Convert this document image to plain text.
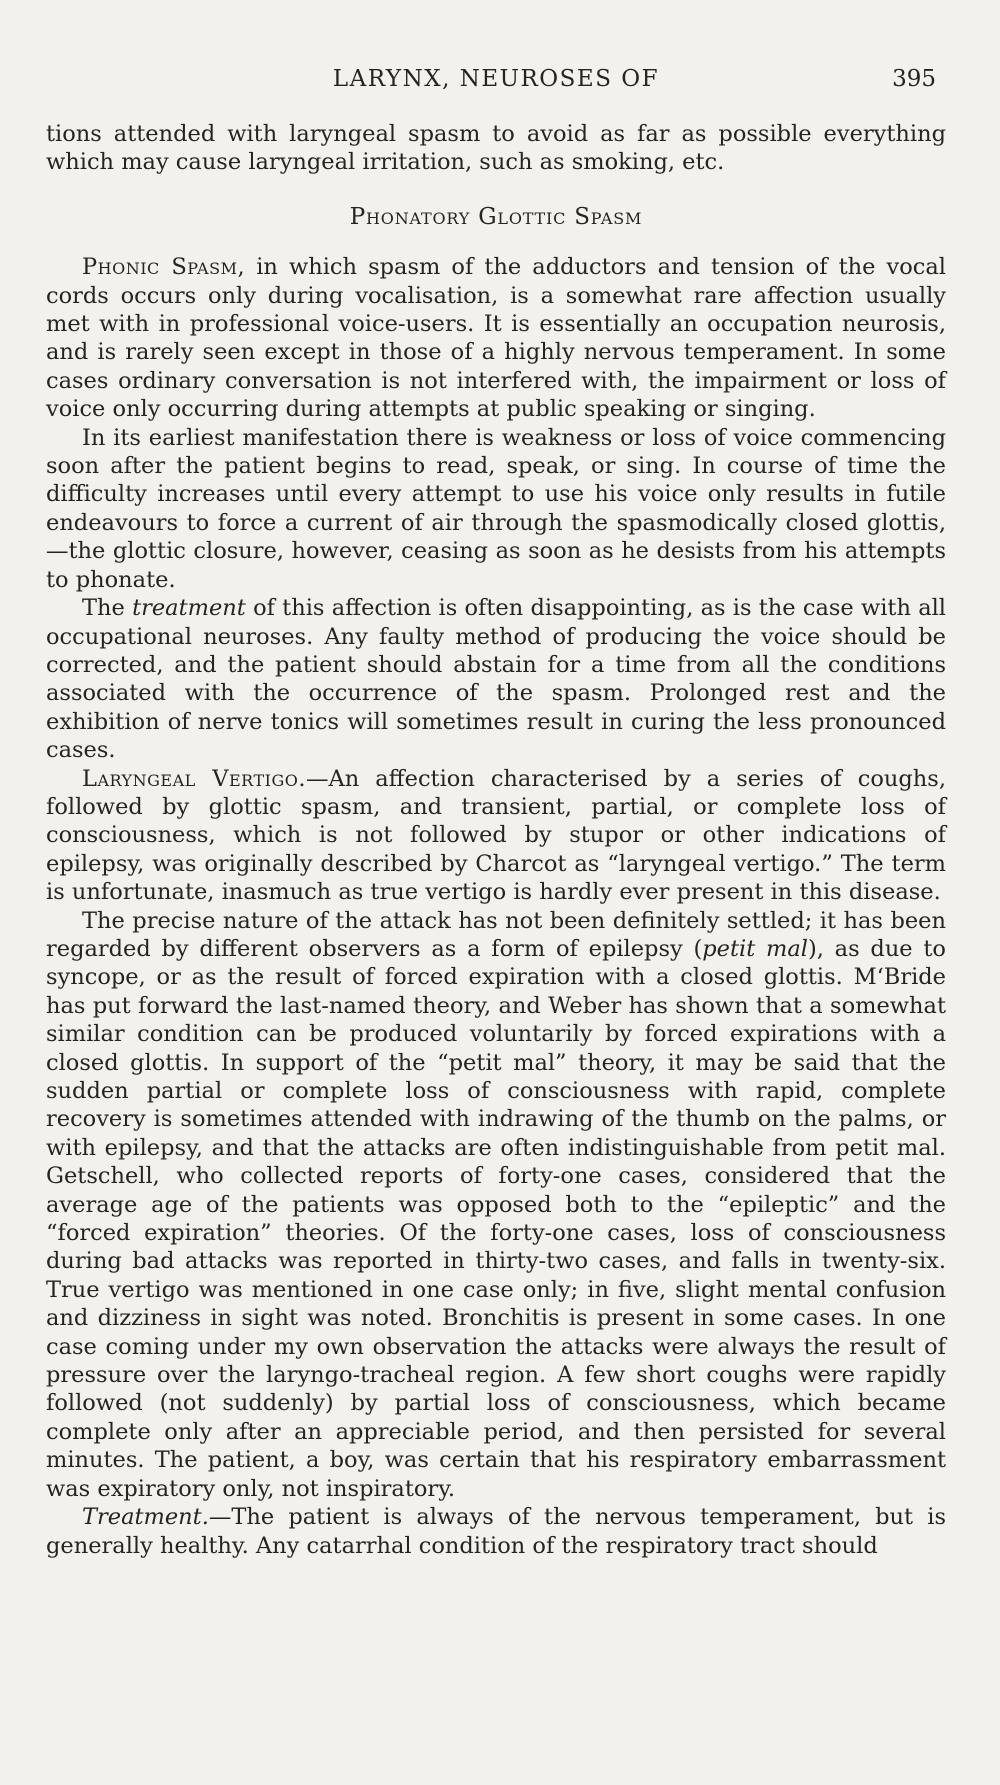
LARYNX, NEUROSES OF	395

tions attended with laryngeal spasm to avoid as far as possible everything which may cause laryngeal irritation, such as smoking, etc.

Phonatory Glottic Spasm

Phonic Spasm, in which spasm of the adductors and tension of the vocal cords occurs only during vocalisation, is a somewhat rare affection usually met with in professional voice-users. It is essentially an occupation neurosis, and is rarely seen except in those of a highly nervous temperament. In some cases ordinary conversation is not interfered with, the impairment or loss of voice only occurring during attempts at public speaking or singing.

In its earliest manifestation there is weakness or loss of voice commencing soon after the patient begins to read, speak, or sing. In course of time the difficulty increases until every attempt to use his voice only results in futile endeavours to force a current of air through the spasmodically closed glottis,—the glottic closure, however, ceasing as soon as he desists from his attempts to phonate.

The treatment of this affection is often disappointing, as is the case with all occupational neuroses. Any faulty method of producing the voice should be corrected, and the patient should abstain for a time from all the conditions associated with the occurrence of the spasm. Prolonged rest and the exhibition of nerve tonics will sometimes result in curing the less pronounced cases.

Laryngeal Vertigo.—An affection characterised by a series of coughs, followed by glottic spasm, and transient, partial, or complete loss of consciousness, which is not followed by stupor or other indications of epilepsy, was originally described by Charcot as “laryngeal vertigo.” The term is unfortunate, inasmuch as true vertigo is hardly ever present in this disease.

The precise nature of the attack has not been definitely settled; it has been regarded by different observers as a form of epilepsy (petit mal), as due to syncope, or as the result of forced expiration with a closed glottis. M‘Bride has put forward the last-named theory, and Weber has shown that a somewhat similar condition can be produced voluntarily by forced expirations with a closed glottis. In support of the “petit mal” theory, it may be said that the sudden partial or complete loss of consciousness with rapid, complete recovery is sometimes attended with indrawing of the thumb on the palms, or with epilepsy, and that the attacks are often indistinguishable from petit mal. Getschell, who collected reports of forty-one cases, considered that the average age of the patients was opposed both to the “epileptic” and the “forced expiration” theories. Of the forty-one cases, loss of consciousness during bad attacks was reported in thirty-two cases, and falls in twenty-six. True vertigo was mentioned in one case only; in five, slight mental confusion and dizziness in sight was noted. Bronchitis is present in some cases. In one case coming under my own observation the attacks were always the result of pressure over the laryngo-tracheal region. A few short coughs were rapidly followed (not suddenly) by partial loss of consciousness, which became complete only after an appreciable period, and then persisted for several minutes. The patient, a boy, was certain that his respiratory embarrassment was expiratory only, not inspiratory.

Treatment.—The patient is always of the nervous temperament, but is generally healthy. Any catarrhal condition of the respiratory tract should
